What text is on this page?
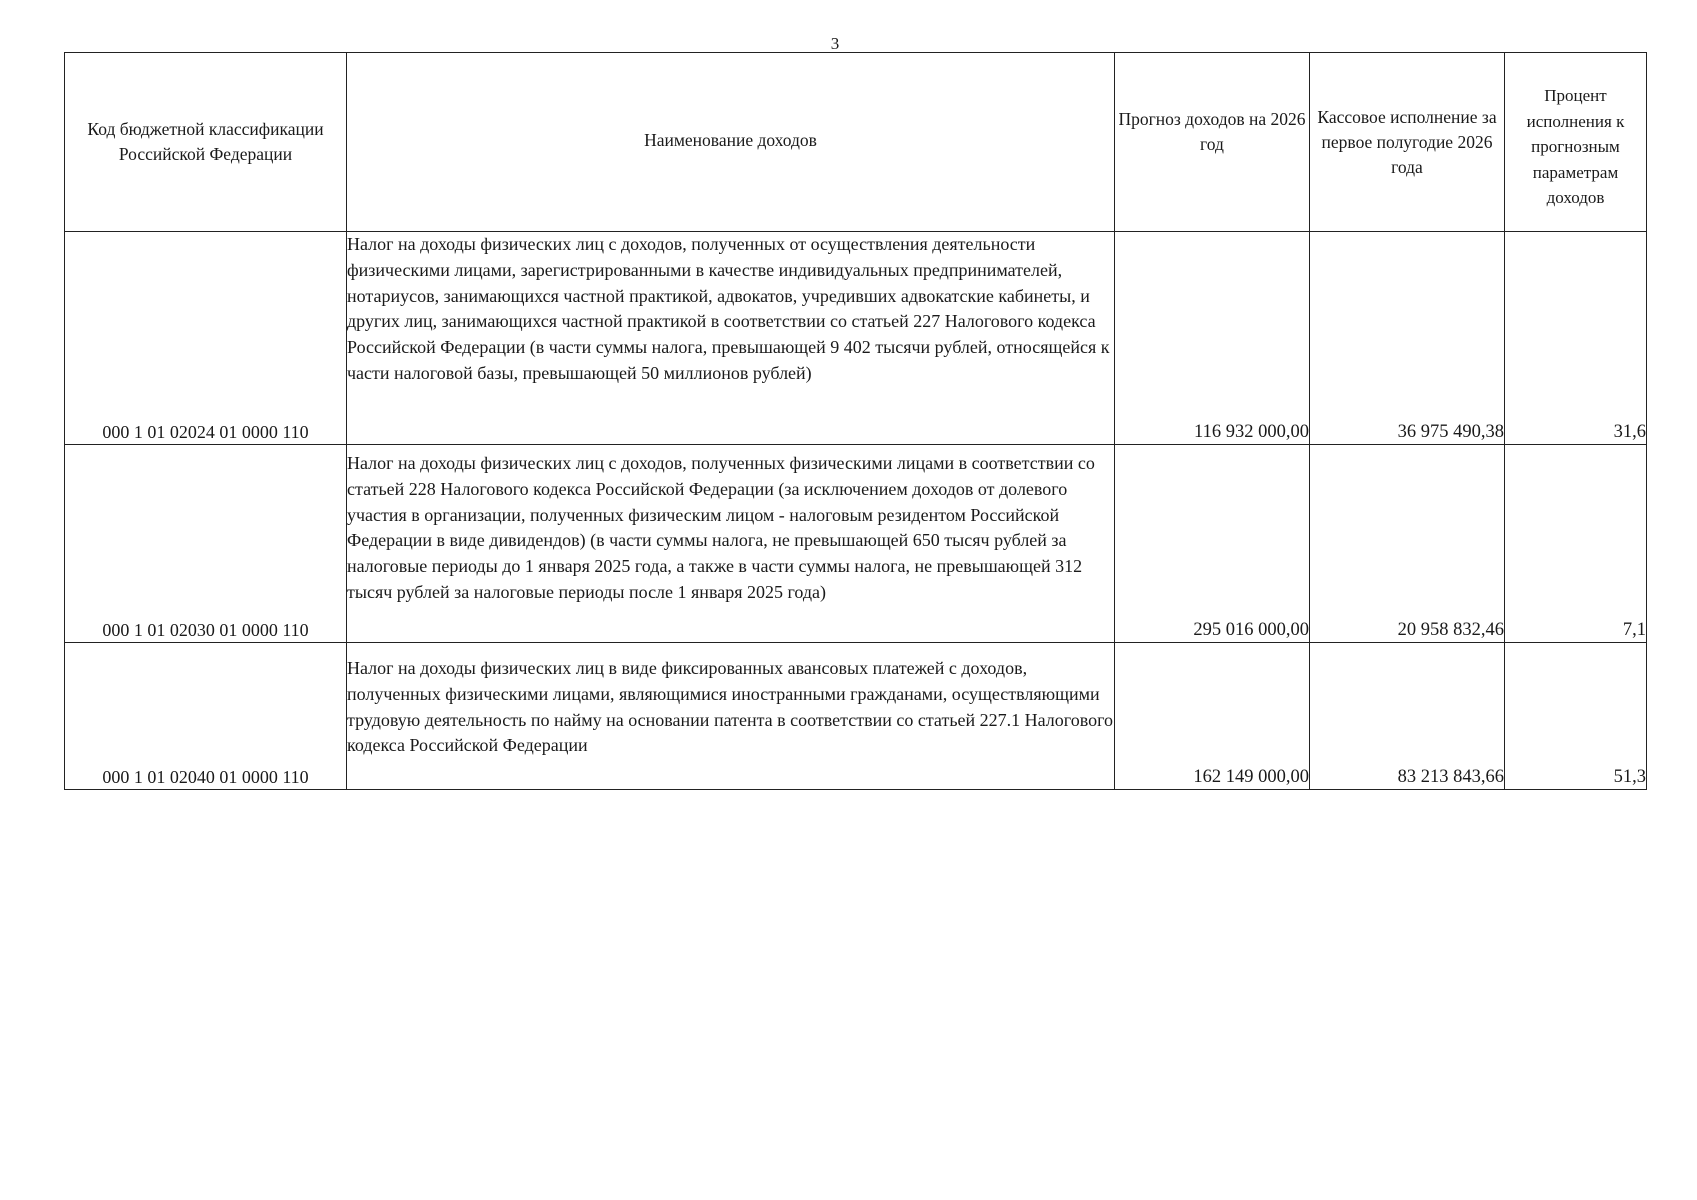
3
Код бюджетной классификации Российской Федерации	Наименование доходов	Прогноз доходов на 2026 год	Кассовое исполнение за первое полугодие 2026 года	Процент исполнения к прогнозным параметрам доходов
000 1 01 02024 01 0000 110	Налог на доходы физических лиц с доходов, полученных от осуществления деятельности физическими лицами, зарегистрированными в качестве индивидуальных предпринимателей, нотариусов, занимающихся частной практикой, адвокатов, учредивших адвокатские кабинеты, и других лиц, занимающихся частной практикой в соответствии со статьей 227 Налогового кодекса Российской Федерации (в части суммы налога, превышающей 9 402 тысячи рублей, относящейся к части налоговой базы, превышающей 50 миллионов рублей)	116 932 000,00	36 975 490,38	31,6
000 1 01 02030 01 0000 110	Налог на доходы физических лиц с доходов, полученных физическими лицами в соответствии со статьей 228 Налогового кодекса Российской Федерации (за исключением доходов от долевого участия в организации, полученных физическим лицом - налоговым резидентом Российской Федерации в виде дивидендов) (в части суммы налога, не превышающей 650 тысяч рублей за налоговые периоды до 1 января 2025 года, а также в части суммы налога, не превышающей 312 тысяч рублей за налоговые периоды после 1 января 2025 года)	295 016 000,00	20 958 832,46	7,1
000 1 01 02040 01 0000 110	Налог на доходы физических лиц в виде фиксированных авансовых платежей с доходов, полученных физическими лицами, являющимися иностранными гражданами, осуществляющими трудовую деятельность по найму на основании патента в соответствии со статьей 227.1 Налогового кодекса Российской Федерации	162 149 000,00	83 213 843,66	51,3
